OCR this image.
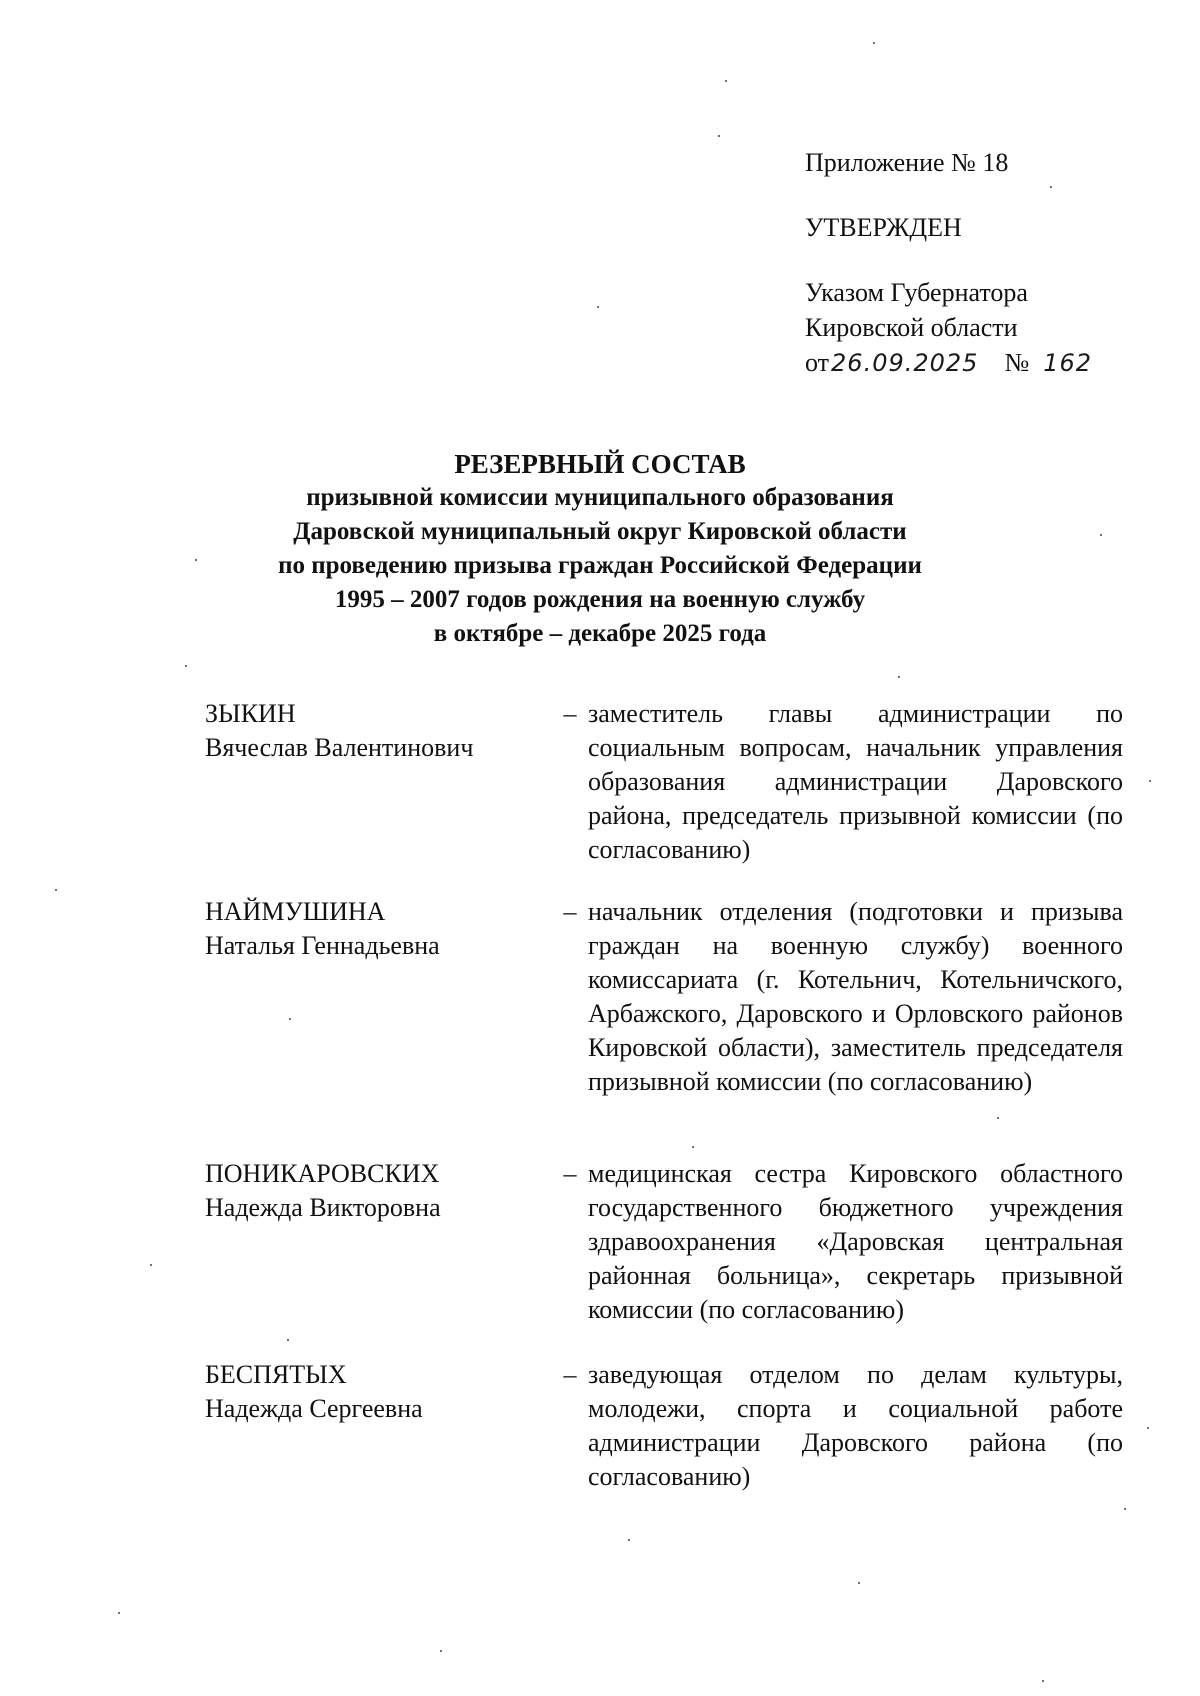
Приложение № 18
УТВЕРЖДЕН
Указом Губернатора
Кировской области
от26.09.2025 № 162
РЕЗЕРВНЫЙ СОСТАВ
призывной комиссии муниципального образования
Даровской муниципальный округ Кировской области
по проведению призыва граждан Российской Федерации
1995 – 2007 годов рождения на военную службу
в октябре – декабре 2025 года
ЗЫКИН
Вячеслав Валентинович
– заместитель главы администрации по социальным вопросам, начальник управления образования администрации Даровского района, председатель призывной комиссии (по согласованию)
НАЙМУШИНА
Наталья Геннадьевна
– начальник отделения (подготовки и призыва граждан на военную службу) военного комиссариата (г. Котельнич, Котельничского, Арбажского, Даровского и Орловского районов Кировской области), заместитель председателя призывной комиссии (по согласованию)
ПОНИКАРОВСКИХ
Надежда Викторовна
– медицинская сестра Кировского областного государственного бюджетного учреждения здравоохранения «Даровская центральная районная больница», секретарь призывной комиссии (по согласованию)
БЕСПЯТЫХ
Надежда Сергеевна
– заведующая отделом по делам культуры, молодежи, спорта и социальной работе администрации Даровского района (по согласованию)
